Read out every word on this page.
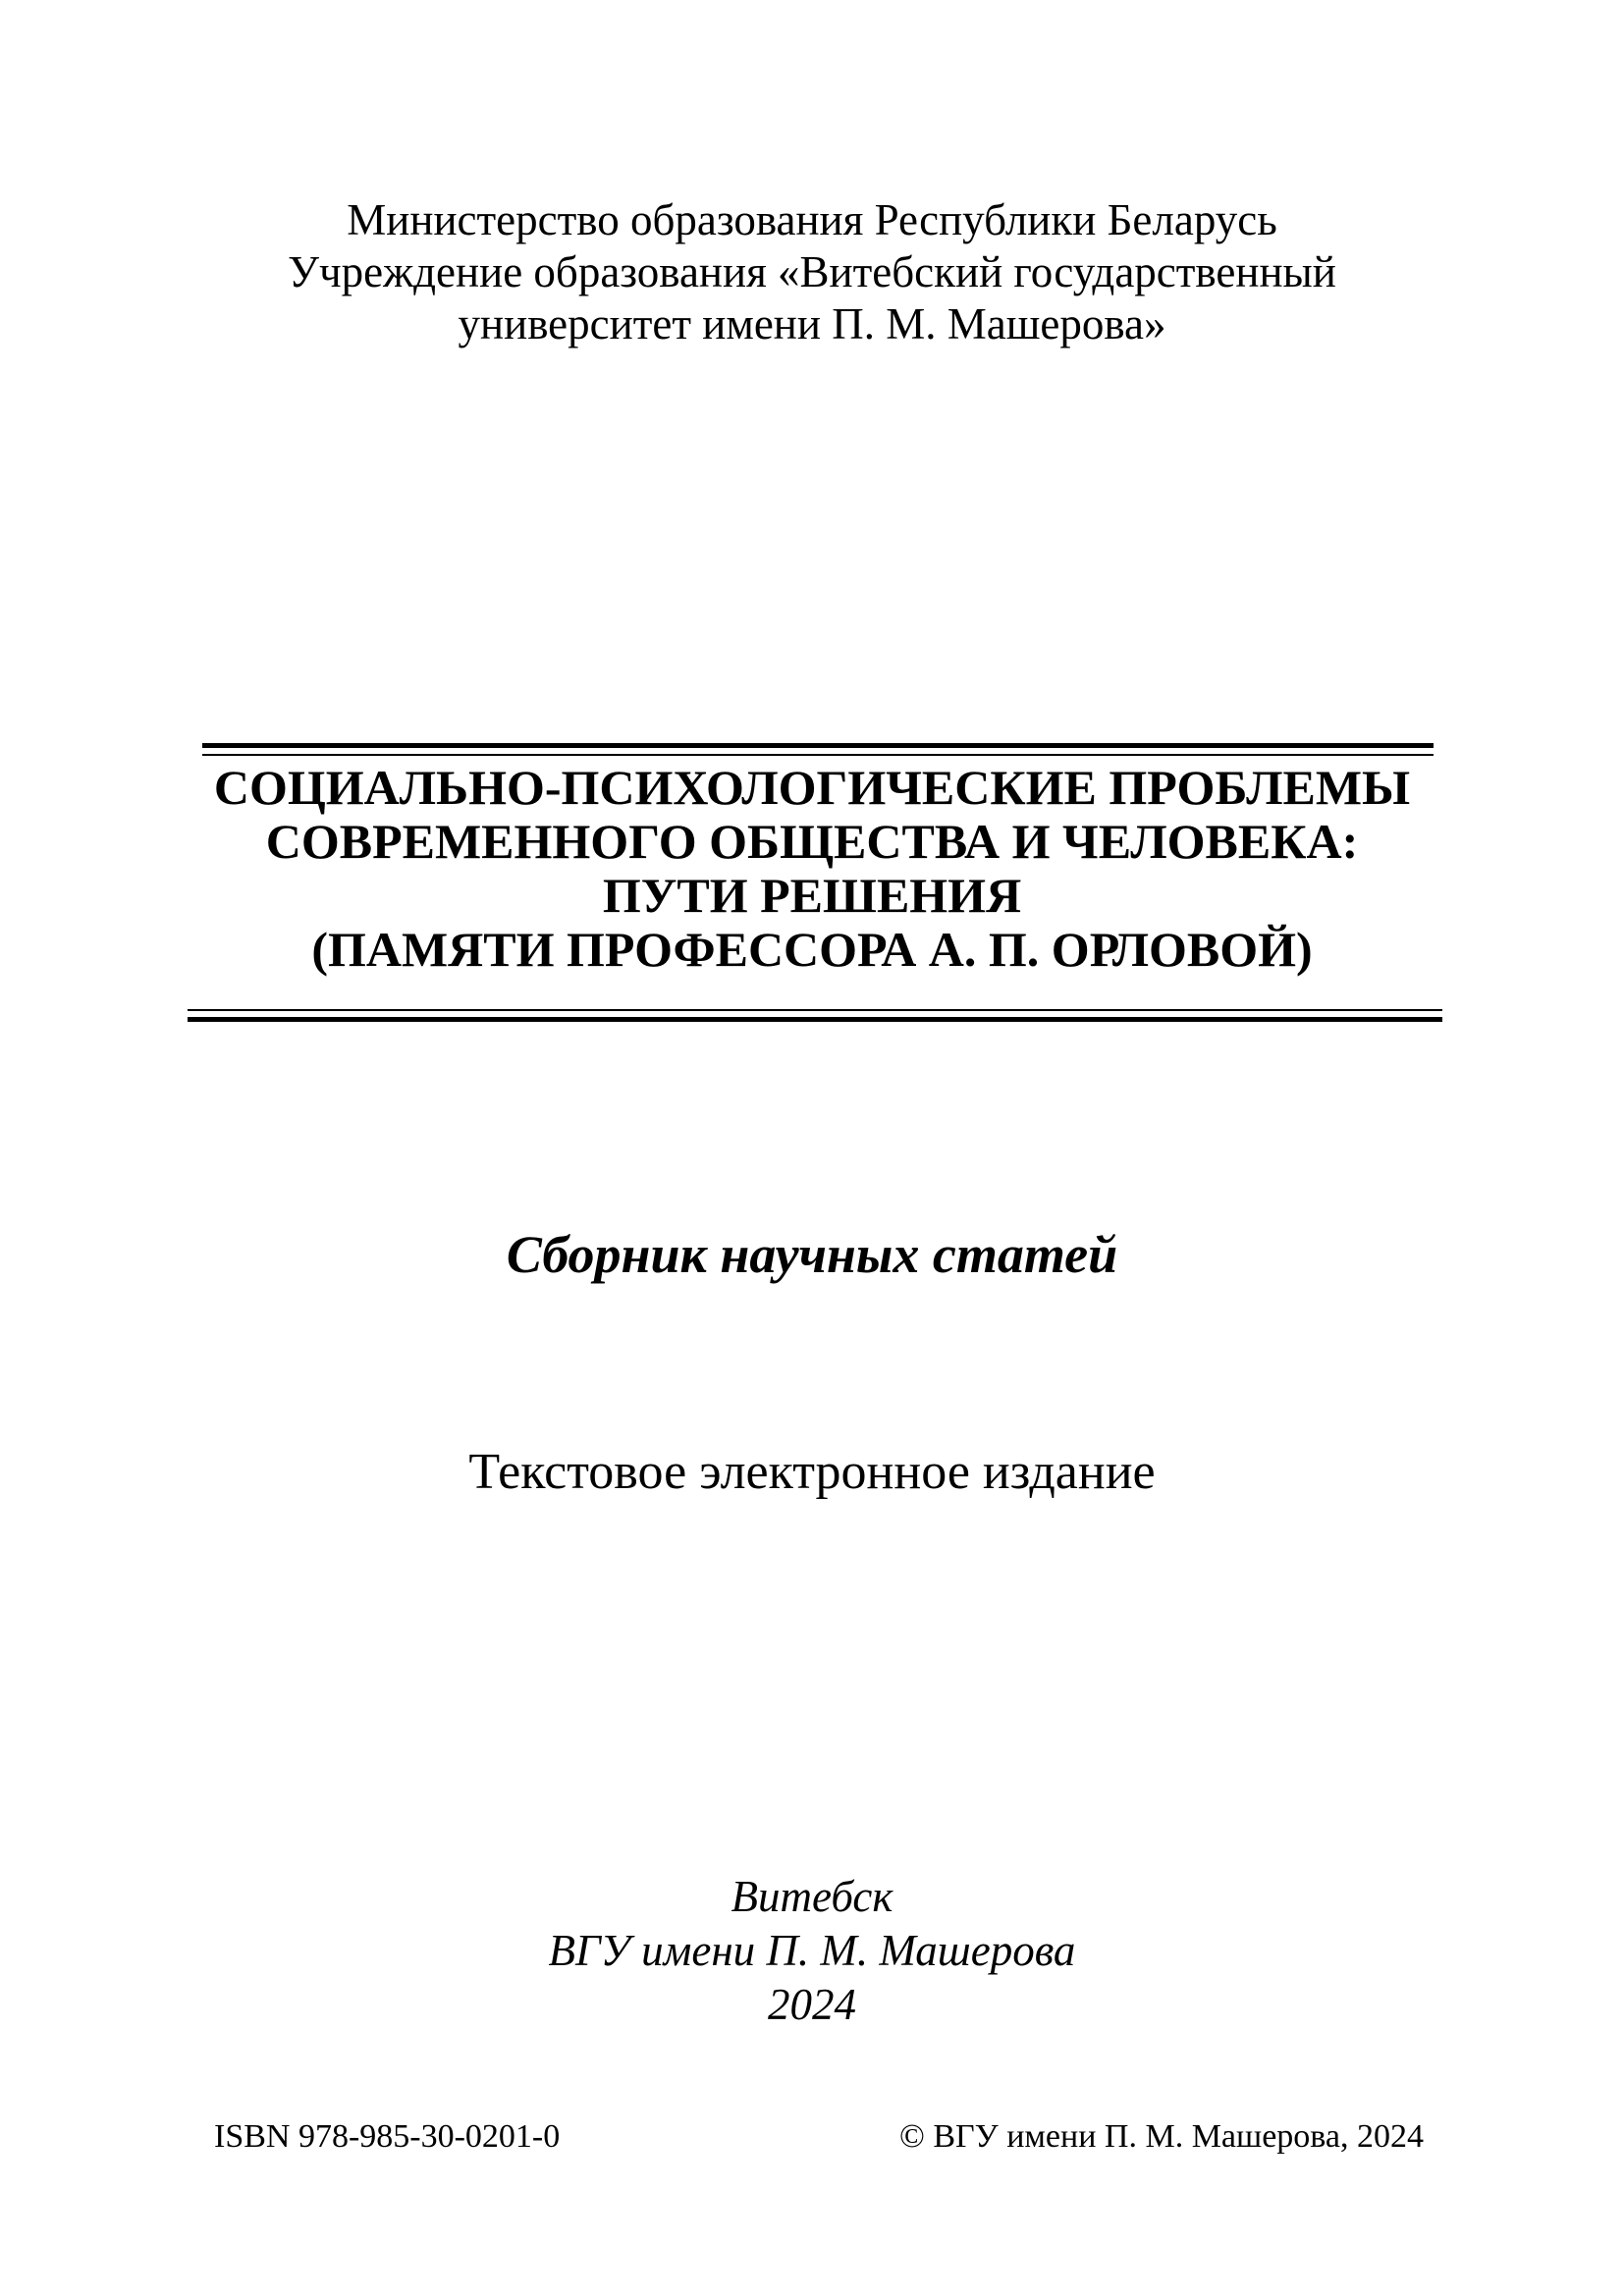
Министерство образования Республики Беларусь
Учреждение образования «Витебский государственный
университет имени П. М. Машерова»
СОЦИАЛЬНО-ПСИХОЛОГИЧЕСКИЕ ПРОБЛЕМЫ
СОВРЕМЕННОГО ОБЩЕСТВА И ЧЕЛОВЕКА:
ПУТИ РЕШЕНИЯ
(ПАМЯТИ ПРОФЕССОРА А. П. ОРЛОВОЙ)
Сборник научных статей
Текстовое электронное издание
Витебск
ВГУ имени П. М. Машерова
2024
ISBN 978-985-30-0201-0	© ВГУ имени П. М. Машерова, 2024
